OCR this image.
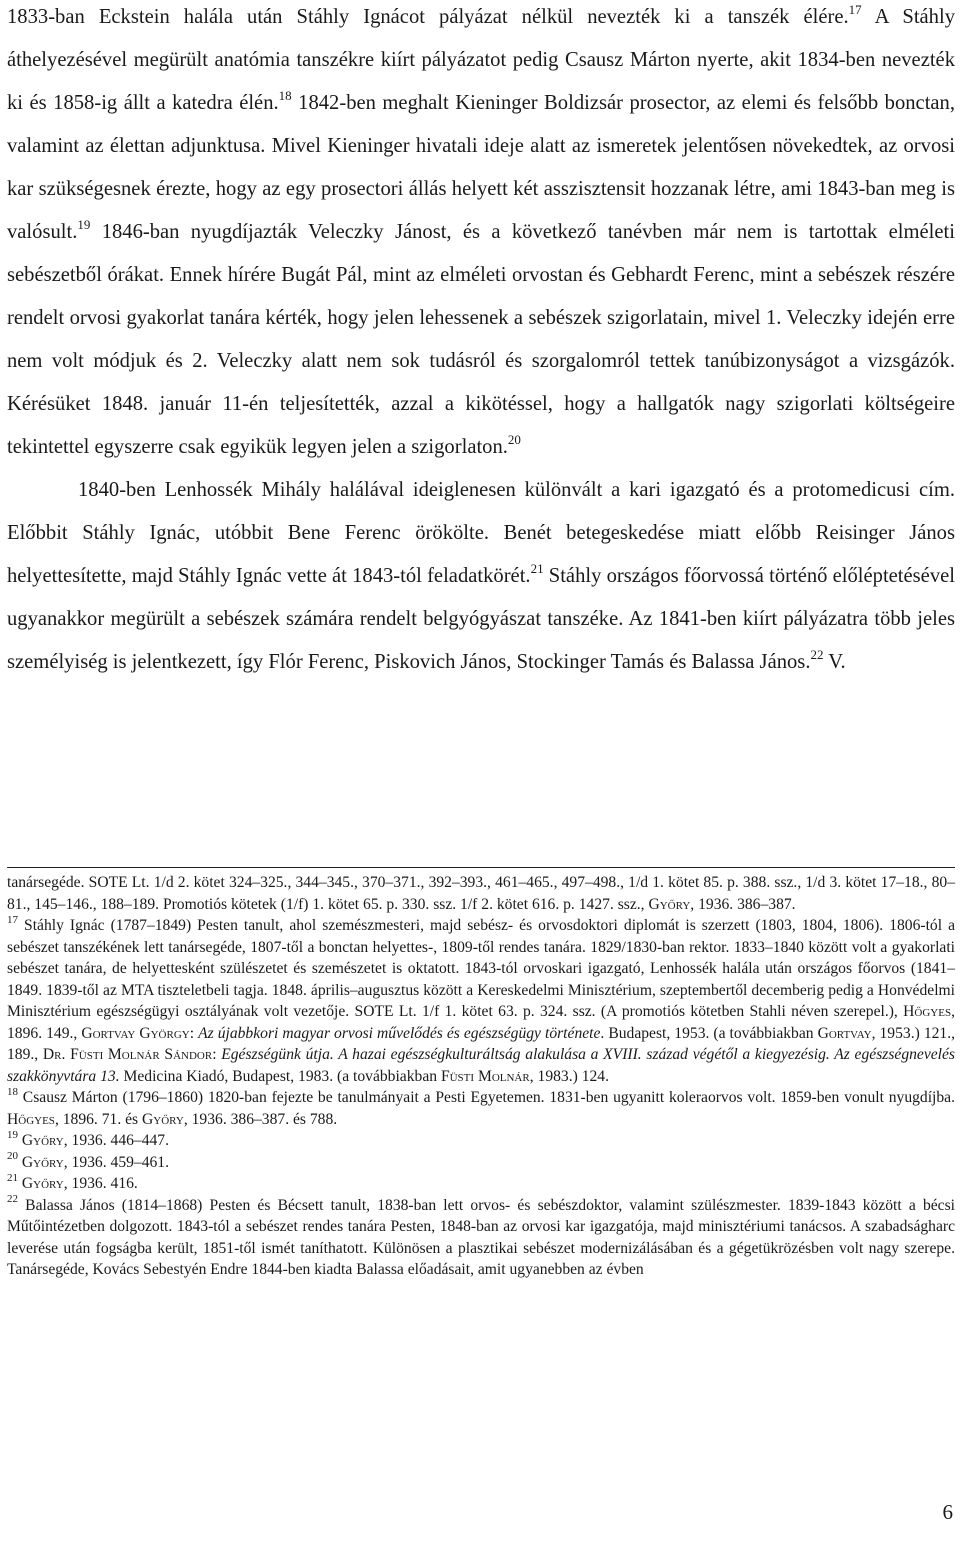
1833-ban Eckstein halála után Stáhly Ignácot pályázat nélkül nevezték ki a tanszék élére.$^{17}$ A Stáhly áthelyezésével megürült anatómia tanszékre kiírt pályázatot pedig Csausz Márton nyerte, akit 1834-ben nevezték ki és 1858-ig állt a katedra élén.$^{18}$ 1842-ben meghalt Kieninger Boldizsár prosector, az elemi és felsőbb bonctan, valamint az élettan adjunktusa. Mivel Kieninger hivatali ideje alatt az ismeretek jelentősen növekedtek, az orvosi kar szükségesnek érezte, hogy az egy prosectori állás helyett két asszisztensit hozzanak létre, ami 1843-ban meg is valósult.$^{19}$ 1846-ban nyugdíjazták Veleczky Jánost, és a következő tanévben már nem is tartottak elméleti sebészetből órákat. Ennek hírére Bugát Pál, mint az elméleti orvostan és Gebhardt Ferenc, mint a sebészek részére rendelt orvosi gyakorlat tanára kérték, hogy jelen lehessenek a sebészek szigorlatain, mivel 1. Veleczky idején erre nem volt módjuk és 2. Veleczky alatt nem sok tudásról és szorgalomról tettek tanúbizonyságot a vizsgázók. Kérésüket 1848. január 11-én teljesítették, azzal a kikötéssel, hogy a hallgatók nagy szigorlati költségeire tekintettel egyszerre csak egyikük legyen jelen a szigorlaton.$^{20}$

1840-ben Lenhossék Mihály halálával ideiglenesen különvált a kari igazgató és a protomedicusi cím. Előbbit Stáhly Ignác, utóbbit Bene Ferenc örökölte. Benét betegeskedése miatt előbb Reisinger János helyettesítette, majd Stáhly Ignác vette át 1843-tól feladatkörét.$^{21}$ Stáhly országos főorvossá történő előléptetésével ugyanakkor megürült a sebészek számára rendelt belgyógyászat tanszéke. Az 1841-ben kiírt pályázatra több jeles személyiség is jelentkezett, így Flór Ferenc, Piskovich János, Stockinger Tamás és Balassa János.$^{22}$ V.

tanársegéde. SOTE Lt. 1/d 2. kötet 324–325., 344–345., 370–371., 392–393., 461–465., 497–498., 1/d 1. kötet 85. p. 388. ssz., 1/d 3. kötet 17–18., 80–81., 145–146., 188–189. Promotiós kötetek (1/f) 1. kötet 65. p. 330. ssz. 1/f 2. kötet 616. p. 1427. ssz., Győry, 1936. 386–387.

$^{17}$ Stáhly Ignác (1787–1849) Pesten tanult, ahol szemészmesteri, majd sebész- és orvosdoktori diplomát is szerzett (1803, 1804, 1806). 1806-tól a sebészet tanszékének lett tanársegéde, 1807-től a bonctan helyettes-, 1809-től rendes tanára. 1829/1830-ban rektor. 1833–1840 között volt a gyakorlati sebészet tanára, de helyettesként szülészetet és szemészetet is oktatott. 1843-tól orvoskari igazgató, Lenhossék halála után országos főorvos (1841–1849. 1839-től az MTA tiszteletbeli tagja. 1848. április–augusztus között a Kereskedelmi Minisztérium, szeptembertől decemberig pedig a Honvédelmi Minisztérium egészségügyi osztályának volt vezetője. SOTE Lt. 1/f 1. kötet 63. p. 324. ssz. (A promotiós kötetben Stahli néven szerepel.), Hőgyes, 1896. 149., Gortvay György: Az újabbkori magyar orvosi művelődés és egészségügy története. Budapest, 1953. (a továbbiakban Gortvay, 1953.) 121., 189., Dr. Füsti Molnár Sándor: Egészségünk útja. A hazai egészségkulturáltság alakulása a XVIII. század végétől a kiegyezésig. Az egészségnevelés szakkönyvtára 13. Medicina Kiadó, Budapest, 1983. (a továbbiakban Füsti Molnár, 1983.) 124.

$^{18}$ Csausz Márton (1796–1860) 1820-ban fejezte be tanulmányait a Pesti Egyetemen. 1831-ben ugyanitt koleraorvos volt. 1859-ben vonult nyugdíjba. Hőgyes, 1896. 71. és Győry, 1936. 386–387. és 788.

$^{19}$ Győry, 1936. 446–447.

$^{20}$ Győry, 1936. 459–461.

$^{21}$ Győry, 1936. 416.

$^{22}$ Balassa János (1814–1868) Pesten és Bécsett tanult, 1838-ban lett orvos- és sebészdoktor, valamint szülészmester. 1839-1843 között a bécsi Műtőintézetben dolgozott. 1843-tól a sebészet rendes tanára Pesten, 1848-ban az orvosi kar igazgatója, majd minisztériumi tanácsos. A szabadságharc leverése után fogságba került, 1851-től ismét taníthatott. Különösen a plasztikai sebészet modernizálásában és a gégetükrözésben volt nagy szerepe. Tanársegéde, Kovács Sebestyén Endre 1844-ben kiadta Balassa előadásait, amit ugyanebben az évben

6
